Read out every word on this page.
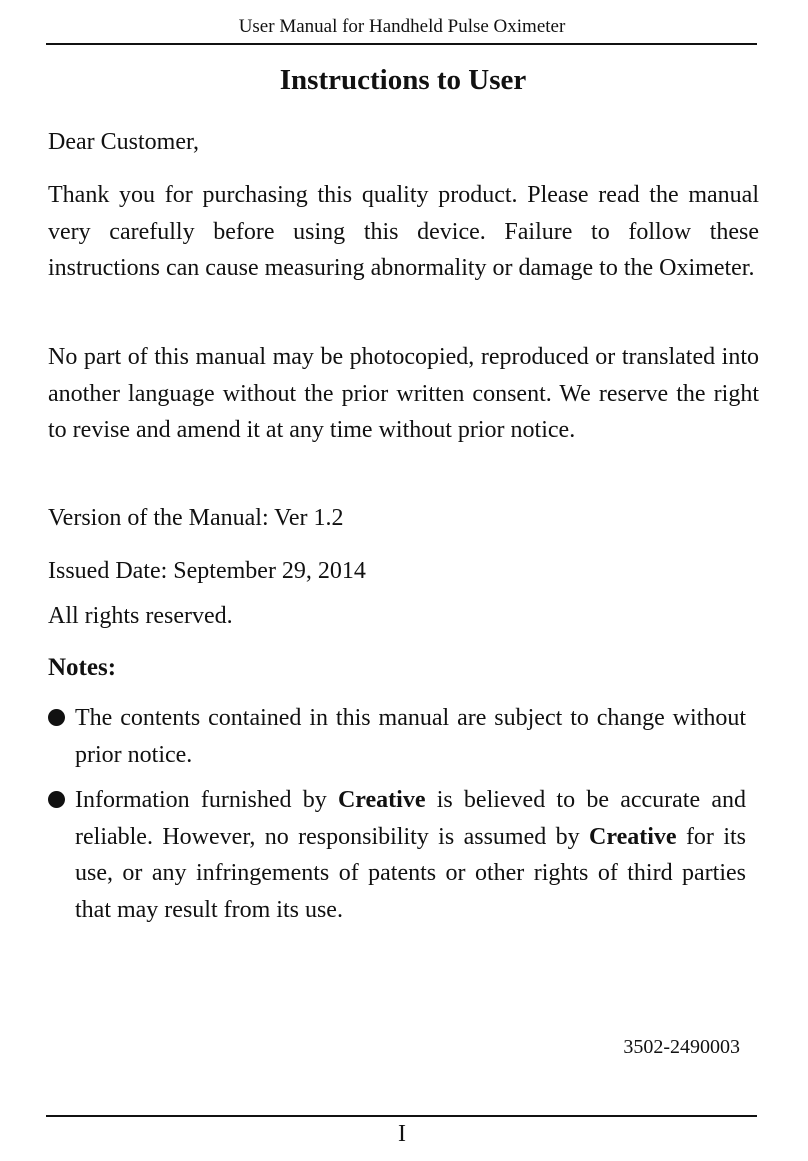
User Manual for Handheld Pulse Oximeter
Instructions to User

Dear Customer,

Thank you for purchasing this quality product. Please read the manual very carefully before using this device. Failure to follow these instructions can cause measuring abnormality or damage to the Oximeter.

No part of this manual may be photocopied, reproduced or translated into another language without the prior written consent. We reserve the right to revise and amend it at any time without prior notice.

Version of the Manual: Ver 1.2

Issued Date: September 29, 2014

All rights reserved.

Notes:

The contents contained in this manual are subject to change without prior notice.

Information furnished by Creative is believed to be accurate and reliable. However, no responsibility is assumed by Creative for its use, or any infringements of patents or other rights of third parties that may result from its use.

3502-2490003
I
